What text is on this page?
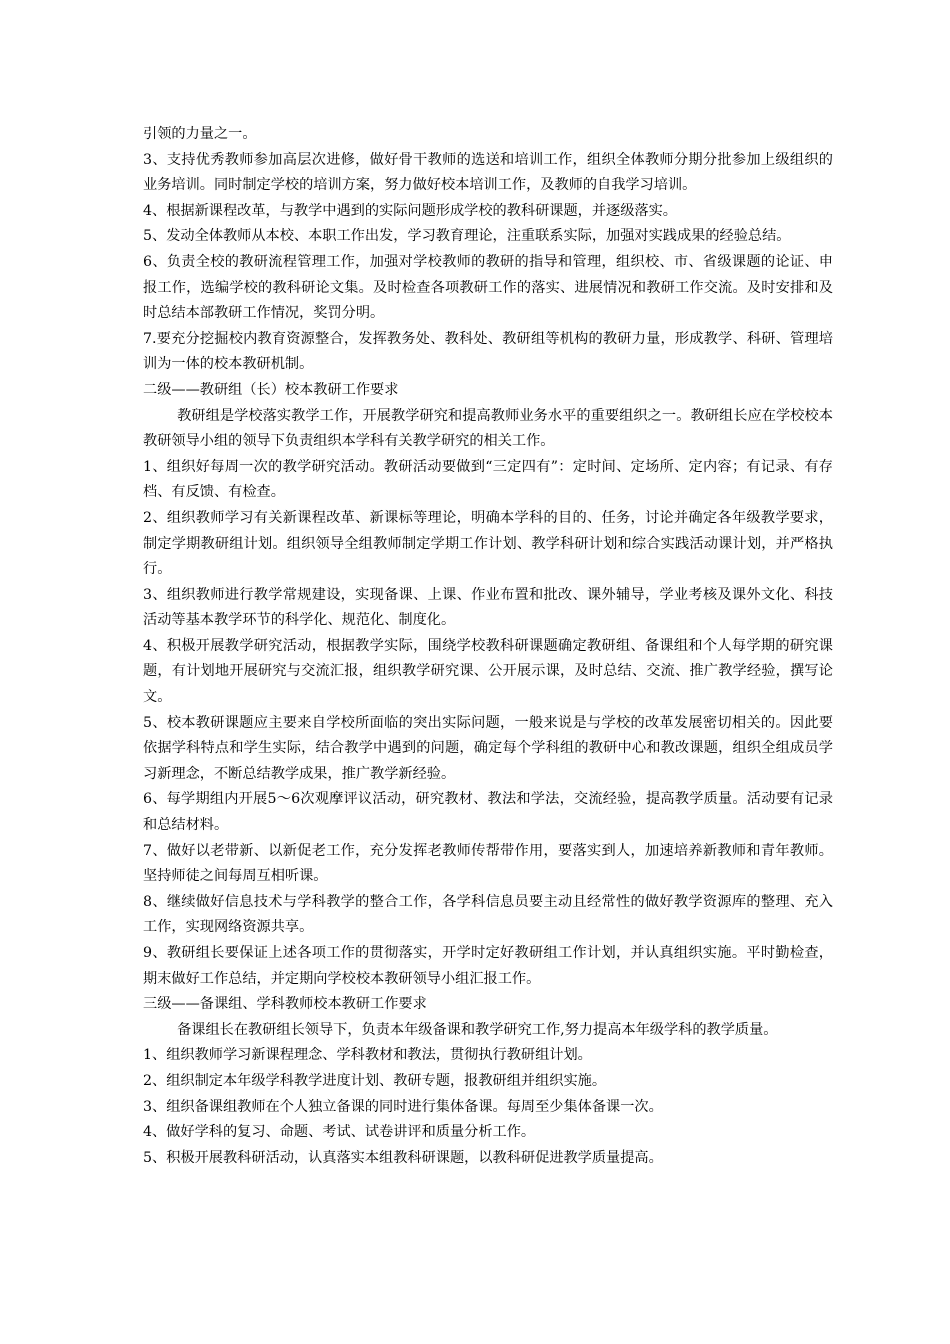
引领的力量之一。

3、支持优秀教师参加高层次进修，做好骨干教师的选送和培训工作，组织全体教师分期分批参加上级组织的业务培训。同时制定学校的培训方案，努力做好校本培训工作，及教师的自我学习培训。

4、根据新课程改革，与教学中遇到的实际问题形成学校的教科研课题，并逐级落实。

5、发动全体教师从本校、本职工作出发，学习教育理论，注重联系实际，加强对实践成果的经验总结。

6、负责全校的教研流程管理工作，加强对学校教师的教研的指导和管理，组织校、市、省级课题的论证、申报工作，选编学校的教科研论文集。及时检查各项教研工作的落实、进展情况和教研工作交流。及时安排和及时总结本部教研工作情况，奖罚分明。

7.要充分挖掘校内教育资源整合，发挥教务处、教科处、教研组等机构的教研力量，形成教学、科研、管理培训为一体的校本教研机制。

二级——教研组（长）校本教研工作要求

教研组是学校落实教学工作，开展教学研究和提高教师业务水平的重要组织之一。教研组长应在学校校本教研领导小组的领导下负责组织本学科有关教学研究的相关工作。

1、组织好每周一次的教学研究活动。教研活动要做到“三定四有”：定时间、定场所、定内容；有记录、有存档、有反馈、有检查。

2、组织教师学习有关新课程改革、新课标等理论，明确本学科的目的、任务，讨论并确定各年级教学要求，制定学期教研组计划。组织领导全组教师制定学期工作计划、教学科研计划和综合实践活动课计划，并严格执行。

3、组织教师进行教学常规建设，实现备课、上课、作业布置和批改、课外辅导，学业考核及课外文化、科技活动等基本教学环节的科学化、规范化、制度化。

4、积极开展教学研究活动，根据教学实际，围绕学校教科研课题确定教研组、备课组和个人每学期的研究课题，有计划地开展研究与交流汇报，组织教学研究课、公开展示课，及时总结、交流、推广教学经验，撰写论文。

5、校本教研课题应主要来自学校所面临的突出实际问题，一般来说是与学校的改革发展密切相关的。因此要依据学科特点和学生实际，结合教学中遇到的问题，确定每个学科组的教研中心和教改课题，组织全组成员学习新理念，不断总结教学成果，推广教学新经验。

6、每学期组内开展5～6次观摩评议活动，研究教材、教法和学法，交流经验，提高教学质量。活动要有记录和总结材料。

7、做好以老带新、以新促老工作，充分发挥老教师传帮带作用，要落实到人，加速培养新教师和青年教师。坚持师徒之间每周互相听课。

8、继续做好信息技术与学科教学的整合工作，各学科信息员要主动且经常性的做好教学资源库的整理、充入工作，实现网络资源共享。

9、教研组长要保证上述各项工作的贯彻落实，开学时定好教研组工作计划，并认真组织实施。平时勤检查，期末做好工作总结，并定期向学校校本教研领导小组汇报工作。

三级——备课组、学科教师校本教研工作要求

备课组长在教研组长领导下，负责本年级备课和教学研究工作,努力提高本年级学科的教学质量。

1、组织教师学习新课程理念、学科教材和教法，贯彻执行教研组计划。

2、组织制定本年级学科教学进度计划、教研专题，报教研组并组织实施。

3、组织备课组教师在个人独立备课的同时进行集体备课。每周至少集体备课一次。

4、做好学科的复习、命题、考试、试卷讲评和质量分析工作。

5、积极开展教科研活动，认真落实本组教科研课题，以教科研促进教学质量提高。
